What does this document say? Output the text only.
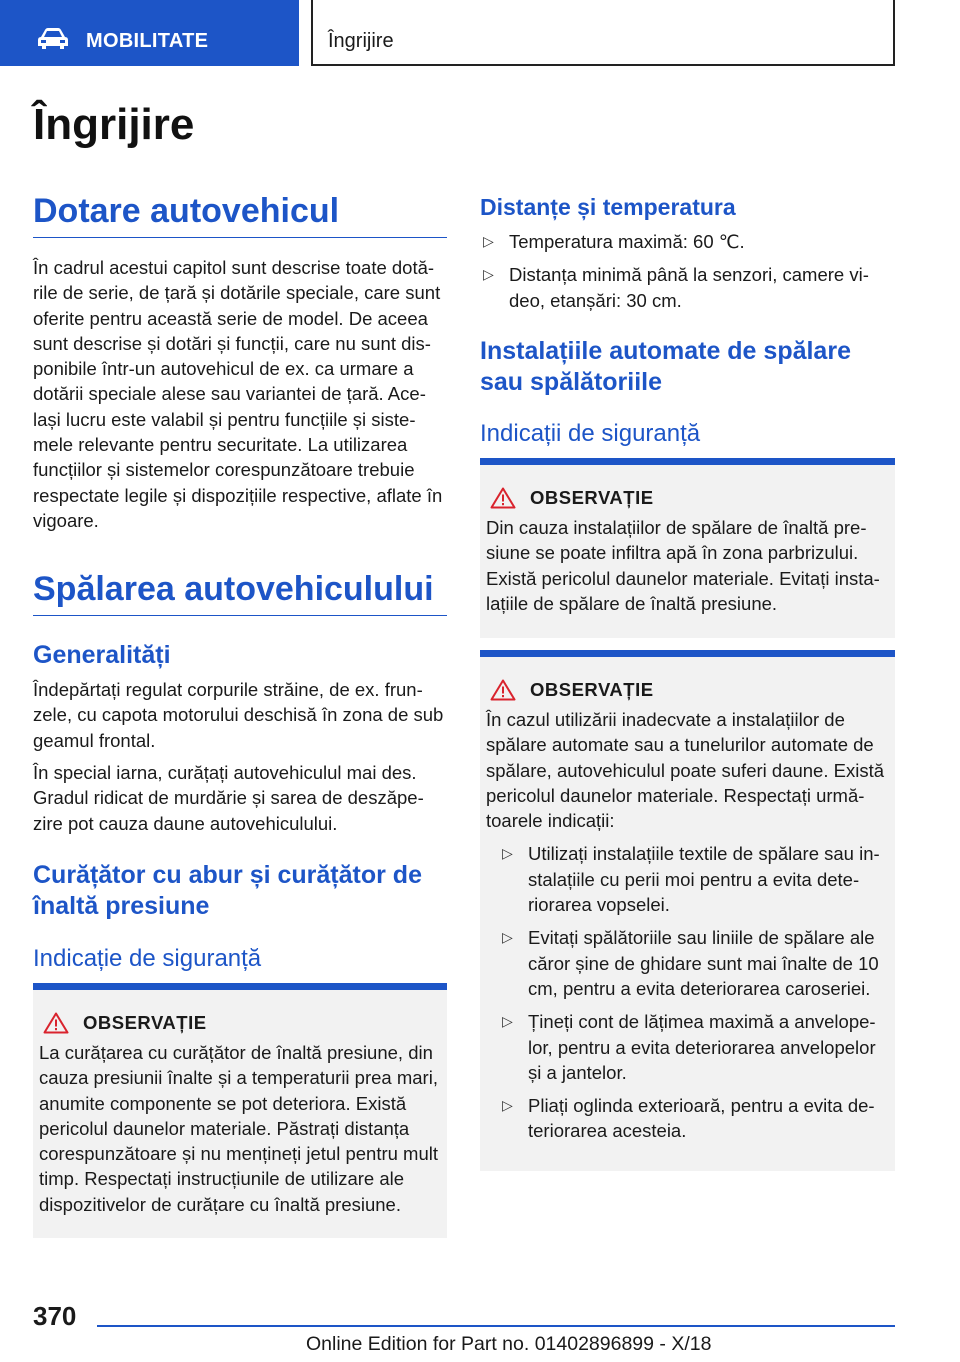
MOBILITATE	Îngrijire
Îngrijire
Dotare autovehicul

În cadrul acestui capitol sunt descrise toate dotările de serie, de țară și dotările speciale, care sunt oferite pentru această serie de model. De aceea sunt descrise și dotări și funcții, care nu sunt disponibile într-un autovehicul de ex. ca urmare a dotării speciale alese sau variantei de țară. Același lucru este valabil și pentru funcțiile și sistemele relevante pentru securitate. La utilizarea funcțiilor și sistemelor corespunzătoare trebuie respectate legile și dispozițiile respective, aflate în vigoare.

Spălarea autovehiculului
Generalități

Îndepărtați regulat corpurile străine, de ex. frunzele, cu capota motorului deschisă în zona de sub geamul frontal.

În special iarna, curățați autovehiculul mai des. Gradul ridicat de murdărie și sarea de deszăpezire pot cauza daune autovehiculului.

Curățător cu abur și curățător de înaltă presiune
Indicație de siguranță
OBSERVAȚIE

La curățarea cu curățător de înaltă presiune, din cauza presiunii înalte și a temperaturii prea mari, anumite componente se pot deteriora. Există pericolul daunelor materiale. Păstrați distanța corespunzătoare și nu mențineți jetul pentru mult timp. Respectați instrucțiunile de utilizare ale dispozitivelor de curățare cu înaltă presiune.

Distanțe și temperatura
▷ Temperatura maximă: 60 ℃.
▷ Distanța minimă până la senzori, camere video, etanșări: 30 cm.
Instalațiile automate de spălare sau spălătoriile
Indicații de siguranță
OBSERVAȚIE

Din cauza instalațiilor de spălare de înaltă presiune se poate infiltra apă în zona parbrizului. Există pericolul daunelor materiale. Evitați instalațiile de spălare de înaltă presiune.

OBSERVAȚIE

În cazul utilizării inadecvate a instalațiilor de spălare automate sau a tunelurilor automate de spălare, autovehiculul poate suferi daune. Există pericolul daunelor materiale. Respectați următoarele indicații:

▷ Utilizați instalațiile textile de spălare sau instalațiile cu perii moi pentru a evita deteriorarea vopselei.
▷ Evitați spălătoriile sau liniile de spălare ale căror șine de ghidare sunt mai înalte de 10 cm, pentru a evita deteriorarea caroseriei.
▷ Țineți cont de lățimea maximă a anvelopelor, pentru a evita deteriorarea anvelopelor și a jantelor.
▷ Pliați oglinda exterioară, pentru a evita deteriorarea acesteia.
370
Online Edition for Part no. 01402896899 - X/18
